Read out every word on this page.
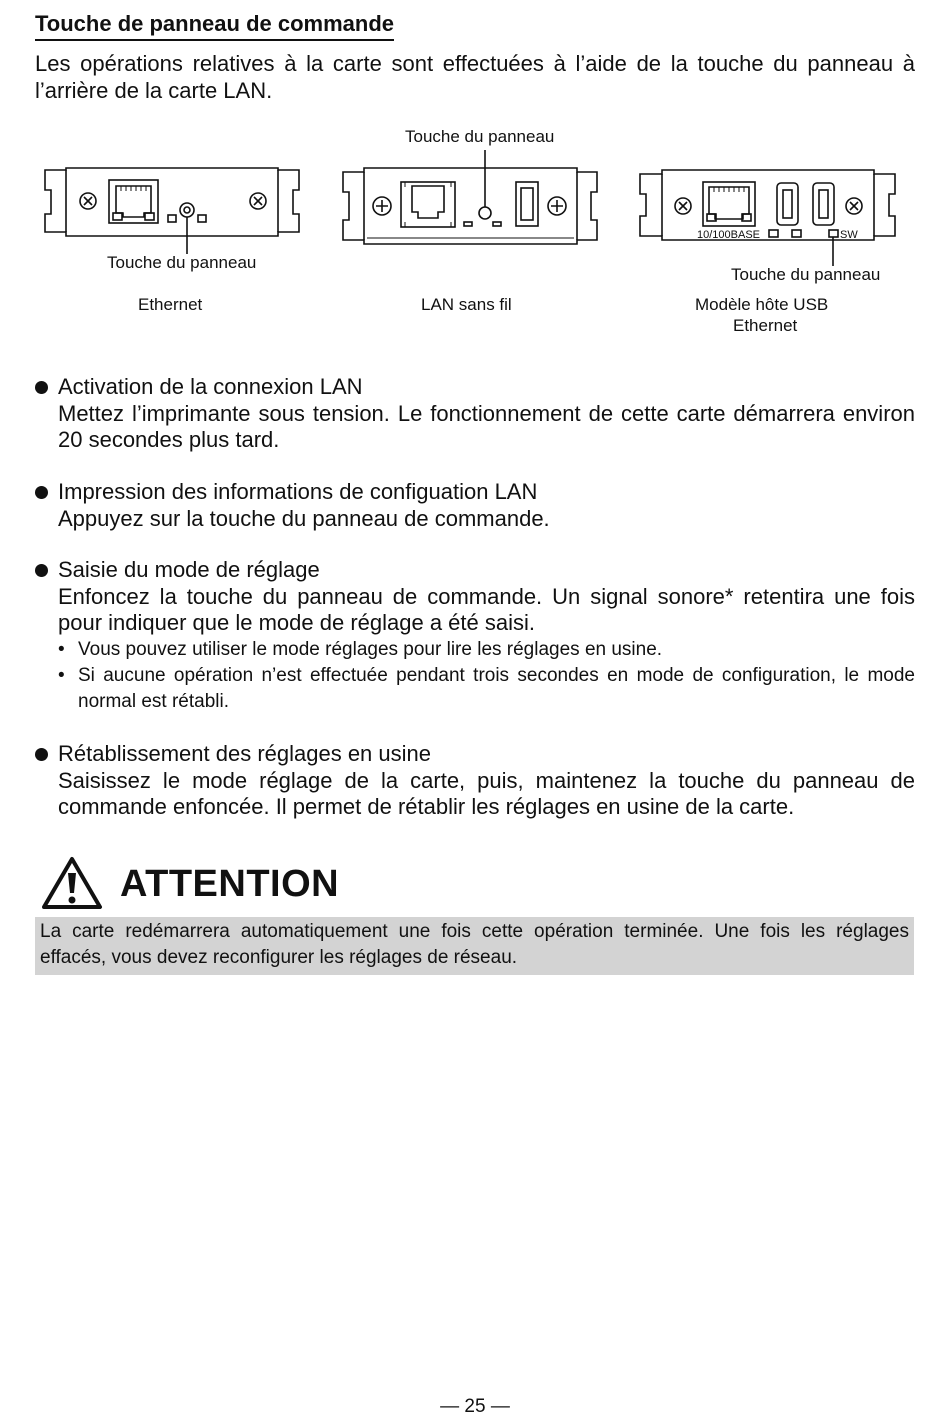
Touche de panneau de commande
Les opérations relatives à la carte sont effectuées à l’aide de la touche du panneau à l’arrière de la carte LAN.
10/100BASE	SW
Touche du panneau
Touche du panneau
Touche du panneau
Ethernet	LAN sans fil	Modèle hôte USB
Ethernet
Activation de la connexion LAN
Mettez l’imprimante sous tension. Le fonctionnement de cette carte démarrera environ 20 secondes plus tard.
Impression des informations de configuation LAN
Appuyez sur la touche du panneau de commande.
Saisie du mode de réglage
Enfoncez la touche du panneau de commande. Un signal sonore* retentira une fois pour indiquer que le mode de réglage a été saisi.
• Vous pouvez utiliser le mode réglages pour lire les réglages en usine.
• Si aucune opération n’est effectuée pendant trois secondes en mode de configuration, le mode normal est rétabli.
Rétablissement des réglages en usine
Saisissez le mode réglage de la carte, puis, maintenez la touche du panneau de commande enfoncée. Il permet de rétablir les réglages en usine de la carte.
ATTENTION
La carte redémarrera automatiquement une fois cette opération terminée. Une fois les réglages effacés, vous devez reconfigurer les réglages de réseau.
— 25 —
